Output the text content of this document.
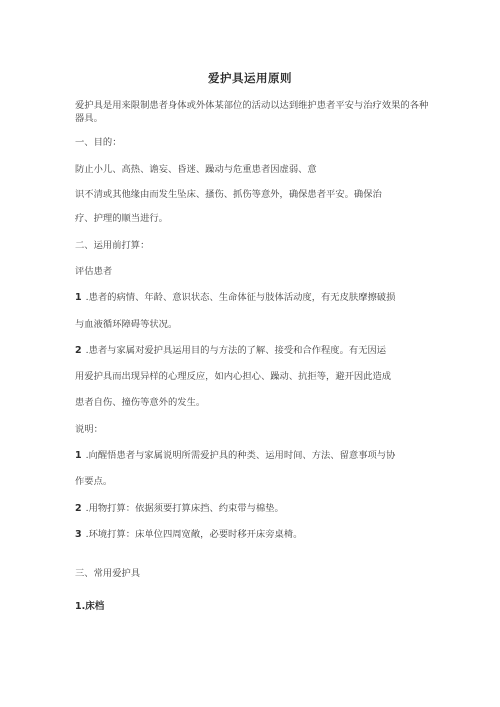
爱护具运用原则
爱护具是用来限制患者身体或外体某部位的活动以达到维护患者平安与治疗效果的各种器具。
一、目的：
防止小儿、高热、谵妄、昏迷、躁动与危重患者因虚弱、意
识不清或其他缘由而发生坠床、搔伤、抓伤等意外，确保患者平安。确保治
疗、护理的顺当进行。
二、运用前打算：
评估患者
1 .患者的病情、年龄、意识状态、生命体征与肢体活动度，有无皮肤摩擦破损
与血液循环障碍等状况。
2 .患者与家属对爱护具运用目的与方法的了解、接受和合作程度。有无因运
用爱护具而出现异样的心理反应，如内心担心、躁动、抗拒等，避开因此造成
患者自伤、撞伤等意外的发生。
说明：
1 .向醒悟患者与家属说明所需爱护具的种类、运用时间、方法、留意事项与协
作要点。
2 .用物打算：依据须要打算床挡、约束带与棉垫。
3 .环境打算：床单位四周宽敞，必要时移开床旁桌椅。
三、常用爱护具
1.床档
